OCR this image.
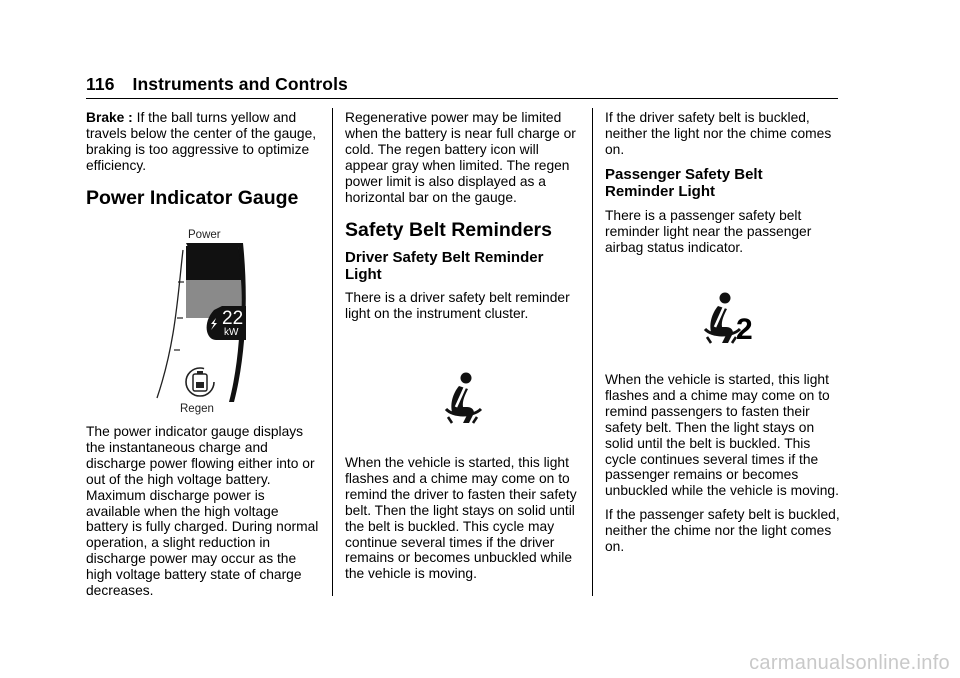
116 Instruments and Controls

Brake : If the ball turns yellow and travels below the center of the gauge, braking is too aggressive to optimize efficiency.

Power Indicator Gauge
Power
22
kW
Regen

The power indicator gauge displays the instantaneous charge and discharge power flowing either into or out of the high voltage battery. Maximum discharge power is available when the high voltage battery is fully charged. During normal operation, a slight reduction in discharge power may occur as the high voltage battery state of charge decreases.

Regenerative power may be limited when the battery is near full charge or cold. The regen battery icon will appear gray when limited. The regen power limit is also displayed as a horizontal bar on the gauge.

Safety Belt Reminders
Driver Safety Belt Reminder Light

There is a driver safety belt reminder light on the instrument cluster.

When the vehicle is started, this light flashes and a chime may come on to remind the driver to fasten their safety belt. Then the light stays on solid until the belt is buckled. This cycle may continue several times if the driver remains or becomes unbuckled while the vehicle is moving.

If the driver safety belt is buckled, neither the light nor the chime comes on.

Passenger Safety Belt Reminder Light

There is a passenger safety belt reminder light near the passenger airbag status indicator.

2

When the vehicle is started, this light flashes and a chime may come on to remind passengers to fasten their safety belt. Then the light stays on solid until the belt is buckled. This cycle continues several times if the passenger remains or becomes unbuckled while the vehicle is moving.

If the passenger safety belt is buckled, neither the chime nor the light comes on.

carmanualsonline.info
